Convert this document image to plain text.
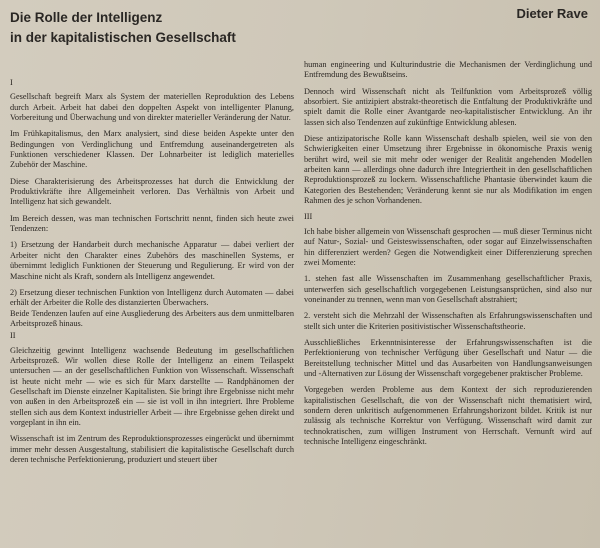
Die Rolle der Intelligenz
in der kapitalistischen Gesellschaft
Dieter Rave
I

Gesellschaft begreift Marx als System der materiellen Reproduktion des Lebens durch Arbeit. Arbeit hat dabei den doppelten Aspekt von intelligenter Planung, Vorbereitung und Überwachung und von direkter materieller Veränderung der Natur.

Im Frühkapitalismus, den Marx analysiert, sind diese beiden Aspekte unter den Bedingungen von Verdinglichung und Entfremdung auseinandergetreten als Funktionen verschiedener Klassen. Der Lohnarbeiter ist lediglich materielles Zubehör der Maschine.

Diese Charakterisierung des Arbeitsprozesses hat durch die Entwicklung der Produktivkräfte ihre Allgemeinheit verloren. Das Verhältnis von Arbeit und Intelligenz hat sich gewandelt.

Im Bereich dessen, was man technischen Fortschritt nennt, finden sich heute zwei Tendenzen:

1) Ersetzung der Handarbeit durch mechanische Apparatur — dabei verliert der Arbeiter nicht den Charakter eines Zubehörs des maschinellen Systems, er übernimmt lediglich Funktionen der Steuerung und Regulierung. Er wird von der Maschine nicht als Kraft, sondern als Intelligenz angewendet.

2) Ersetzung dieser technischen Funktion von Intelligenz durch Automaten — dabei erhält der Arbeiter die Rolle des distanzierten Überwachers.

Beide Tendenzen laufen auf eine Ausgliederung des Arbeiters aus dem unmittelbaren Arbeitsprozeß hinaus.

II

Gleichzeitig gewinnt Intelligenz wachsende Bedeutung im gesellschaftlichen Arbeitsprozeß. Wir wollen diese Rolle der Intelligenz an einem Teilaspekt untersuchen — an der gesellschaftlichen Funktion von Wissenschaft. Wissenschaft ist heute nicht mehr — wie es sich für Marx darstellte — Randphänomen der Gesellschaft im Dienste einzelner Kapitalisten. Sie bringt ihre Ergebnisse nicht mehr von außen in den Arbeitsprozeß ein — sie ist voll in ihn integriert. Ihre Probleme stellen sich aus dem Kontext industrieller Arbeit — ihre Ergebnisse gehen direkt und vorgeplant in ihn ein.

Wissenschaft ist im Zentrum des Reproduktionsprozesses eingerückt und übernimmt immer mehr dessen Ausgestaltung, stabilisiert die kapitalistische Gesellschaft durch deren technische Perfektionierung, produziert und steuert über

human engineering und Kulturindustrie die Mechanismen der Verdinglichung und Entfremdung des Bewußtseins.

Dennoch wird Wissenschaft nicht als Teilfunktion vom Arbeitsprozeß völlig absorbiert. Sie antizipiert abstrakt-theoretisch die Entfaltung der Produktivkräfte und spielt damit die Rolle einer Avantgarde neo-kapitalistischer Entwicklung. An ihr lassen sich also Tendenzen auf zukünftige Entwicklung ablesen.

Diese antizipatorische Rolle kann Wissenschaft deshalb spielen, weil sie von den Schwierigkeiten einer Umsetzung ihrer Ergebnisse in ökonomische Praxis wenig berührt wird, weil sie mit mehr oder weniger der Realität angehenden Modellen arbeiten kann — allerdings ohne dadurch ihre Integriertheit in den gesellschaftlichen Reproduktionsprozeß zu lockern. Wissenschaftliche Phantasie überwindet kaum die Kategorien des Bestehenden; Veränderung kennt sie nur als Modifikation im engen Rahmen des je schon Vorhandenen.

III

Ich habe bisher allgemein von Wissenschaft gesprochen — muß dieser Terminus nicht auf Natur-, Sozial- und Geisteswissenschaften, oder sogar auf Einzelwissenschaften hin differenziert werden? Gegen die Notwendigkeit einer Differenzierung sprechen zwei Momente:

1. stehen fast alle Wissenschaften im Zusammenhang gesellschaftlicher Praxis, unterwerfen sich gesellschaftlich vorgegebenen Leistungsansprüchen, sind also nur voneinander zu trennen, wenn man von Gesellschaft abstrahiert;

2. versteht sich die Mehrzahl der Wissenschaften als Erfahrungswissenschaften und stellt sich unter die Kriterien positivistischer Wissenschaftstheorie.

Ausschließliches Erkenntnisinteresse der Erfahrungswissenschaften ist die Perfektionierung von technischer Verfügung über Gesellschaft und Natur — die Bereitstellung technischer Mittel und das Ausarbeiten von Handlungsanweisungen und -Alternativen zur Lösung der Wissenschaft vorgegebener praktischer Probleme.

Vorgegeben werden Probleme aus dem Kontext der sich reproduzierenden kapitalistischen Gesellschaft, die von der Wissenschaft nicht thematisiert wird, sondern deren unkritisch aufgenommenen Erfahrungshorizont bildet. Kritik ist nur zulässig als technische Korrektur von Verfügung. Wissenschaft wird damit zur technokratischen, zum willigen Instrument von Herrschaft. Vernunft wird auf technische Intelligenz eingeschränkt.
